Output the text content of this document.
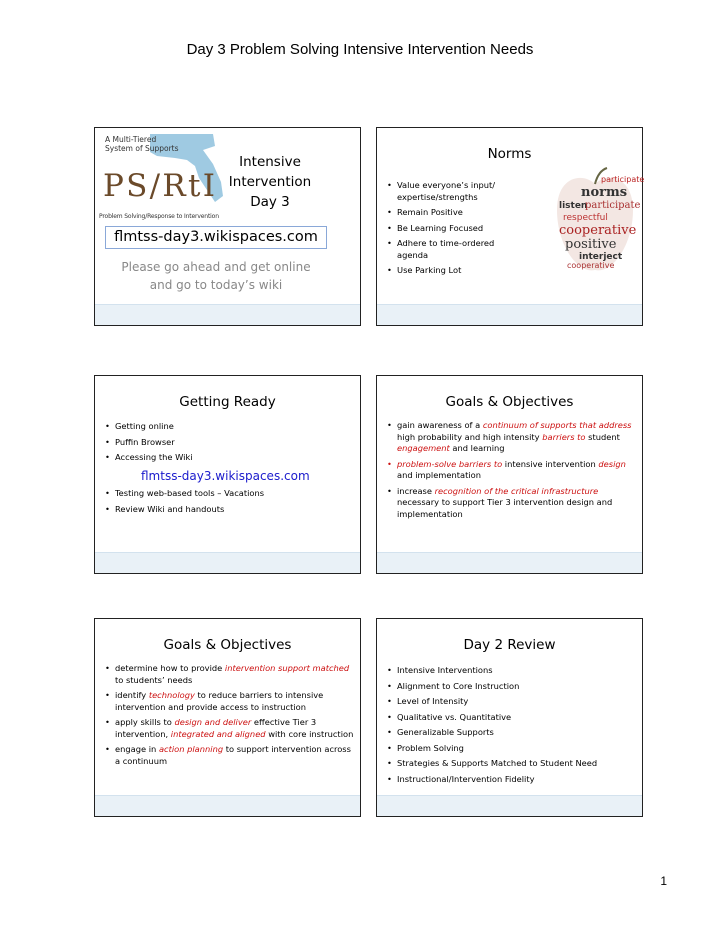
Day 3 Problem Solving Intensive Intervention Needs
A Multi-Tiered
System of Supports
PS/RtI
Problem Solving/Response to Intervention
Intensive
Intervention
Day 3
flmtss-day3.wikispaces.com
Please go ahead and get online
and go to today’s wiki
Norms
• Value everyone’s input/ expertise/strengths
• Remain Positive
• Be Learning Focused
• Adhere to time-ordered agenda
• Use Parking Lot
participate
norms
listen
participate
respectful
cooperative
positive
interject
cooperative
Getting Ready
• Getting online
• Puffin Browser
• Accessing the Wiki
flmtss-day3.wikispaces.com
• Testing web-based tools – Vacations
• Review Wiki and handouts
Goals & Objectives
• gain awareness of a continuum of supports that address high probability and high intensity barriers to student engagement and learning
• problem-solve barriers to intensive intervention design and implementation
• increase recognition of the critical infrastructure necessary to support Tier 3 intervention design and implementation
Goals & Objectives
• determine how to provide intervention support matched to students’ needs
• identify technology to reduce barriers to intensive intervention and provide access to instruction
• apply skills to design and deliver effective Tier 3 intervention, integrated and aligned with core instruction
• engage in action planning to support intervention across a continuum
Day 2 Review
• Intensive Interventions
• Alignment to Core Instruction
• Level of Intensity
• Qualitative vs. Quantitative
• Generalizable Supports
• Problem Solving
• Strategies & Supports Matched to Student Need
• Instructional/Intervention Fidelity
1
